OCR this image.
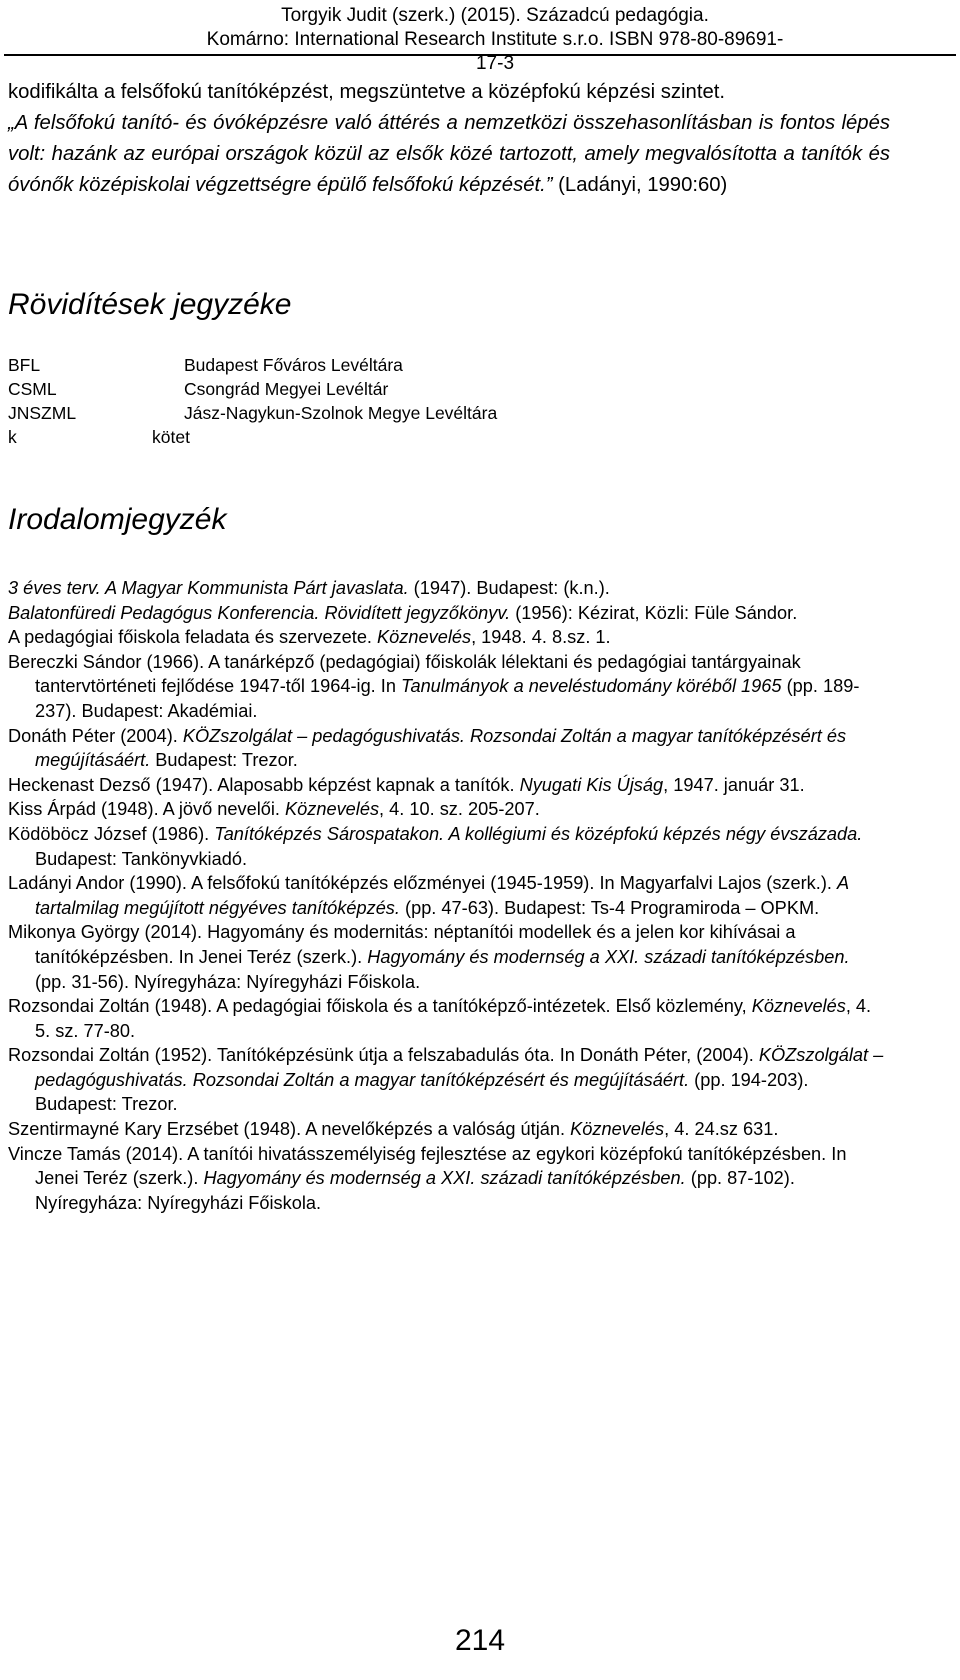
Torgyik Judit (szerk.) (2015). Századcú pedagógia.
Komárno: International Research Institute s.r.o. ISBN 978-80-89691-17-3
kodifikálta a felsőfokú tanítóképzést, megszüntetve a középfokú képzési szintet.
„A felsőfokú tanító- és óvóképzésre való áttérés a nemzetközi összehasonlításban is fontos lépés volt: hazánk az európai országok közül az elsők közé tartozott, amely megvalósította a tanítók és óvónők középiskolai végzettségre épülő felsőfokú képzését.” (Ladányi, 1990:60)
Rövidítések jegyzéke
BFL	Budapest Főváros Levéltára
CSML	Csongrád Megyei Levéltár
JNSZML	Jász-Nagykun-Szolnok Megye Levéltára
k	kötet
Irodalomjegyzék

3 éves terv. A Magyar Kommunista Párt javaslata. (1947). Budapest: (k.n.).

Balatonfüredi Pedagógus Konferencia. Rövidített jegyzőkönyv. (1956): Kézirat, Közli: Füle Sándor.

A pedagógiai főiskola feladata és szervezete. Köznevelés, 1948. 4. 8.sz. 1.

Bereczki Sándor (1966). A tanárképző (pedagógiai) főiskolák lélektani és pedagógiai tantárgyainak tantervtörténeti fejlődése 1947-től 1964-ig. In Tanulmányok a neveléstudomány köréből 1965 (pp. 189-237). Budapest: Akadémiai.

Donáth Péter (2004). KÖZszolgálat – pedagógushivatás. Rozsondai Zoltán a magyar tanítóképzésért és megújításáért. Budapest: Trezor.

Heckenast Dezső (1947). Alaposabb képzést kapnak a tanítók. Nyugati Kis Újság, 1947. január 31.

Kiss Árpád (1948). A jövő nevelői. Köznevelés, 4. 10. sz. 205-207.

Ködöböcz József (1986). Tanítóképzés Sárospatakon. A kollégiumi és középfokú képzés négy évszázada. Budapest: Tankönyvkiadó.

Ladányi Andor (1990). A felsőfokú tanítóképzés előzményei (1945-1959). In Magyarfalvi Lajos (szerk.). A tartalmilag megújított négyéves tanítóképzés. (pp. 47-63). Budapest: Ts-4 Programiroda – OPKM.

Mikonya György (2014). Hagyomány és modernitás: néptanítói modellek és a jelen kor kihívásai a tanítóképzésben. In Jenei Teréz (szerk.). Hagyomány és modernség a XXI. századi tanítóképzésben. (pp. 31-56). Nyíregyháza: Nyíregyházi Főiskola.

Rozsondai Zoltán (1948). A pedagógiai főiskola és a tanítóképző-intézetek. Első közlemény, Köznevelés, 4. 5. sz. 77-80.

Rozsondai Zoltán (1952). Tanítóképzésünk útja a felszabadulás óta. In Donáth Péter, (2004). KÖZszolgálat – pedagógushivatás. Rozsondai Zoltán a magyar tanítóképzésért és megújításáért. (pp. 194-203). Budapest: Trezor.

Szentirmayné Kary Erzsébet (1948). A nevelőképzés a valóság útján. Köznevelés, 4. 24.sz 631.

Vincze Tamás (2014). A tanítói hivatásszemélyiség fejlesztése az egykori középfokú tanítóképzésben. In Jenei Teréz (szerk.). Hagyomány és modernség a XXI. századi tanítóképzésben. (pp. 87-102). Nyíregyháza: Nyíregyházi Főiskola.

214
